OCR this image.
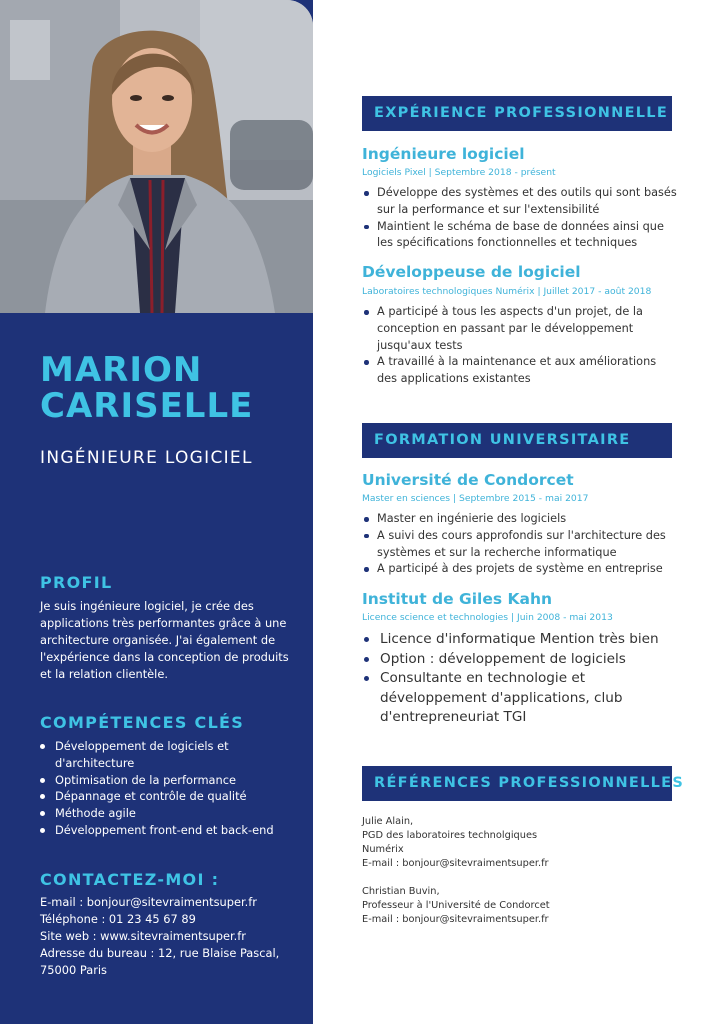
MARION
CARISELLE
INGÉNIEURE LOGICIEL
PROFIL

Je suis ingénieure logiciel, je crée des applications très performantes grâce à une architecture organisée. J'ai également de l'expérience dans la conception de produits et la relation clientèle.

COMPÉTENCES CLÉS
Développement de logiciels et d'architecture
Optimisation de la performance
Dépannage et contrôle de qualité
Méthode agile
Développement front-end et back-end
CONTACTEZ-MOI :
E-mail : bonjour@sitevraimentsuper.fr
Téléphone : 01 23 45 67 89
Site web : www.sitevraimentsuper.fr
Adresse du bureau : 12, rue Blaise Pascal,
75000 Paris
EXPÉRIENCE PROFESSIONNELLE
Ingénieure logiciel
Logiciels Pixel | Septembre 2018 - présent
Développe des systèmes et des outils qui sont basés sur la performance et sur l'extensibilité
Maintient le schéma de base de données ainsi que les spécifications fonctionnelles et techniques
Développeuse de logiciel
Laboratoires technologiques Numérix | Juillet 2017 - août 2018
A participé à tous les aspects d'un projet, de la conception en passant par le développement jusqu'aux tests
A travaillé à la maintenance et aux améliorations des applications existantes
FORMATION UNIVERSITAIRE
Université de Condorcet
Master en sciences | Septembre 2015 - mai 2017
Master en ingénierie des logiciels
A suivi des cours approfondis sur l'architecture des systèmes et sur la recherche informatique
A participé à des projets de système en entreprise
Institut de Giles Kahn
Licence science et technologies | Juin 2008 - mai 2013
Licence d'informatique Mention très bien
Option : développement de logiciels
Consultante en technologie et développement d'applications, club d'entrepreneuriat TGI
RÉFÉRENCES PROFESSIONNELLES
Julie Alain,
PGD des laboratoires technolgiques
Numérix
E-mail : bonjour@sitevraimentsuper.fr
Christian Buvin,
Professeur à l'Université de Condorcet
E-mail : bonjour@sitevraimentsuper.fr
